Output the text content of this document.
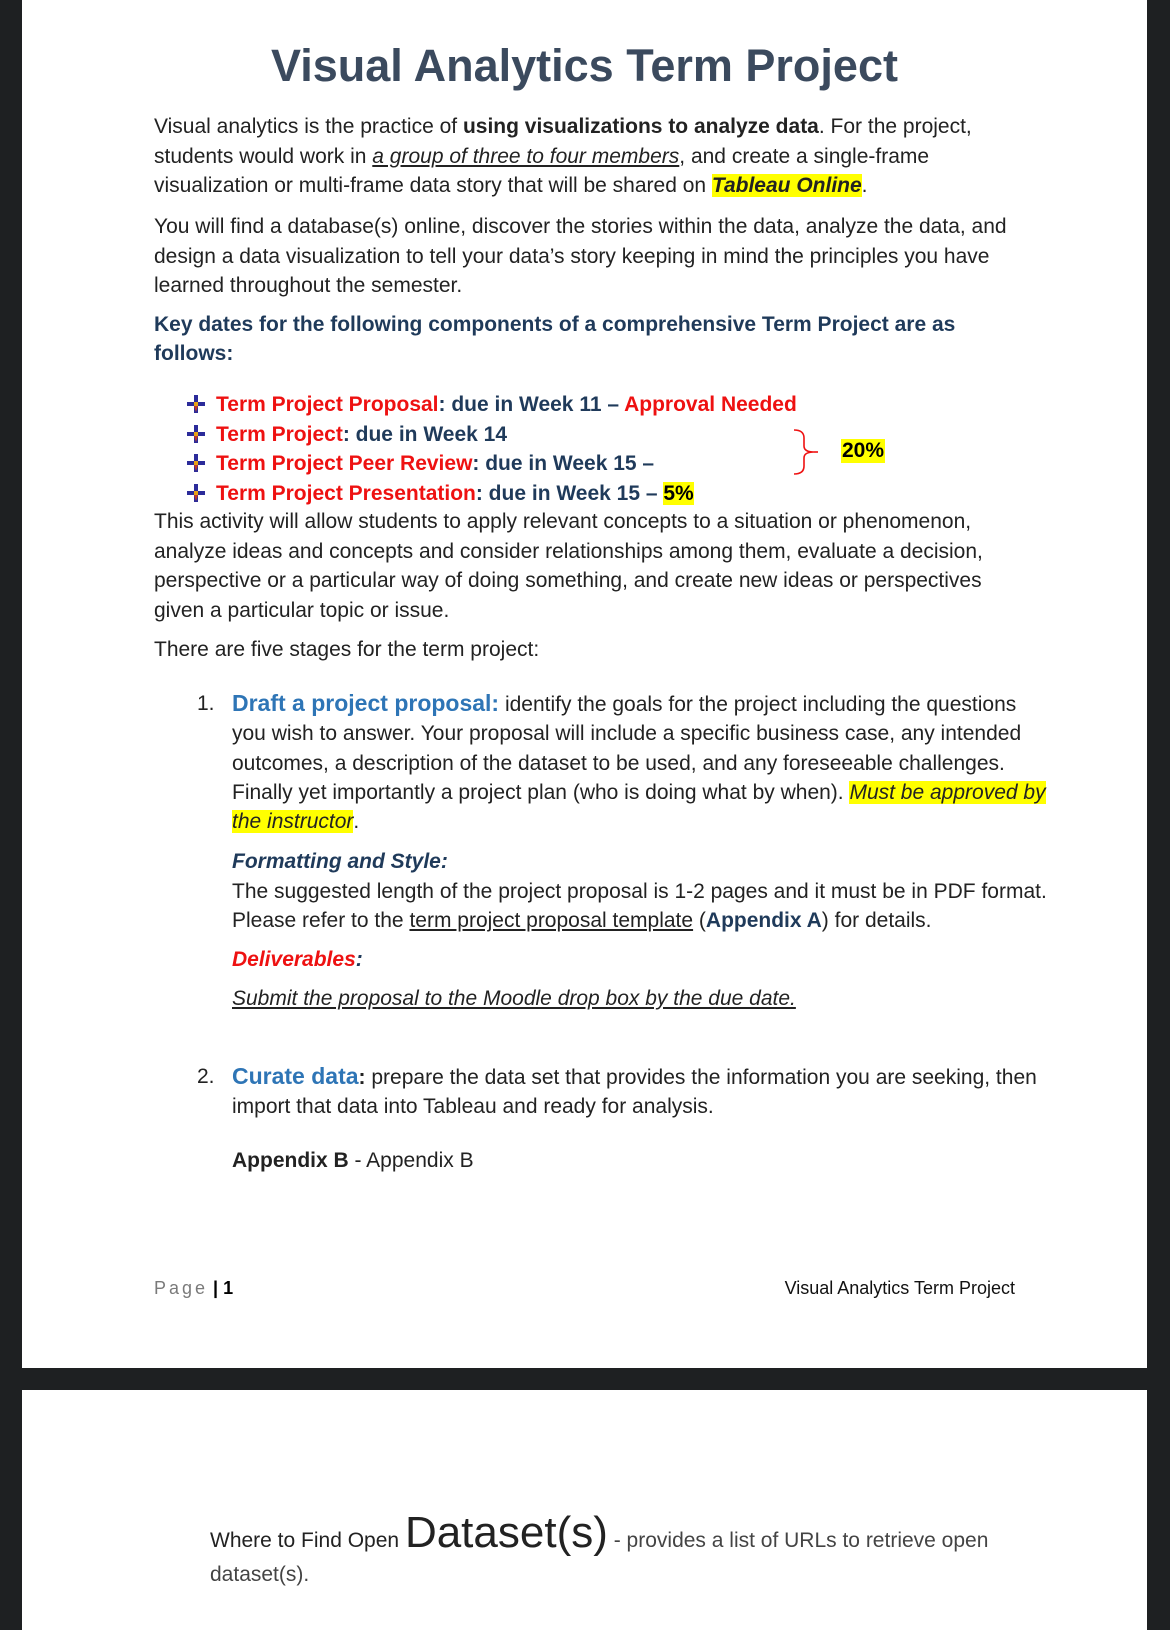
Visual Analytics Term Project
Visual analytics is the practice of using visualizations to analyze data. For the project, students would work in a group of three to four members, and create a single-frame visualization or multi-frame data story that will be shared on Tableau Online.
You will find a database(s) online, discover the stories within the data, analyze the data, and design a data visualization to tell your data’s story keeping in mind the principles you have learned throughout the semester.
Key dates for the following components of a comprehensive Term Project are as follows:
Term Project Proposal: due in Week 11 – Approval Needed
Term Project: due in Week 14
Term Project Peer Review: due in Week 15 –
Term Project Presentation: due in Week 15 – 5%
20%
This activity will allow students to apply relevant concepts to a situation or phenomenon, analyze ideas and concepts and consider relationships among them, evaluate a decision, perspective or a particular way of doing something, and create new ideas or perspectives given a particular topic or issue.
There are five stages for the term project:
1. Draft a project proposal: identify the goals for the project including the questions you wish to answer. Your proposal will include a specific business case, any intended outcomes, a description of the dataset to be used, and any foreseeable challenges. Finally yet importantly a project plan (who is doing what by when). Must be approved by the instructor.
Formatting and Style:
The suggested length of the project proposal is 1-2 pages and it must be in PDF format. Please refer to the term project proposal template (Appendix A) for details.
Deliverables:
Submit the proposal to the Moodle drop box by the due date.
2. Curate data: prepare the data set that provides the information you are seeking, then import that data into Tableau and ready for analysis.
Appendix B - Appendix B
Page | 1	Visual Analytics Term Project
Where to Find Open Dataset(s) - provides a list of URLs to retrieve open dataset(s).
